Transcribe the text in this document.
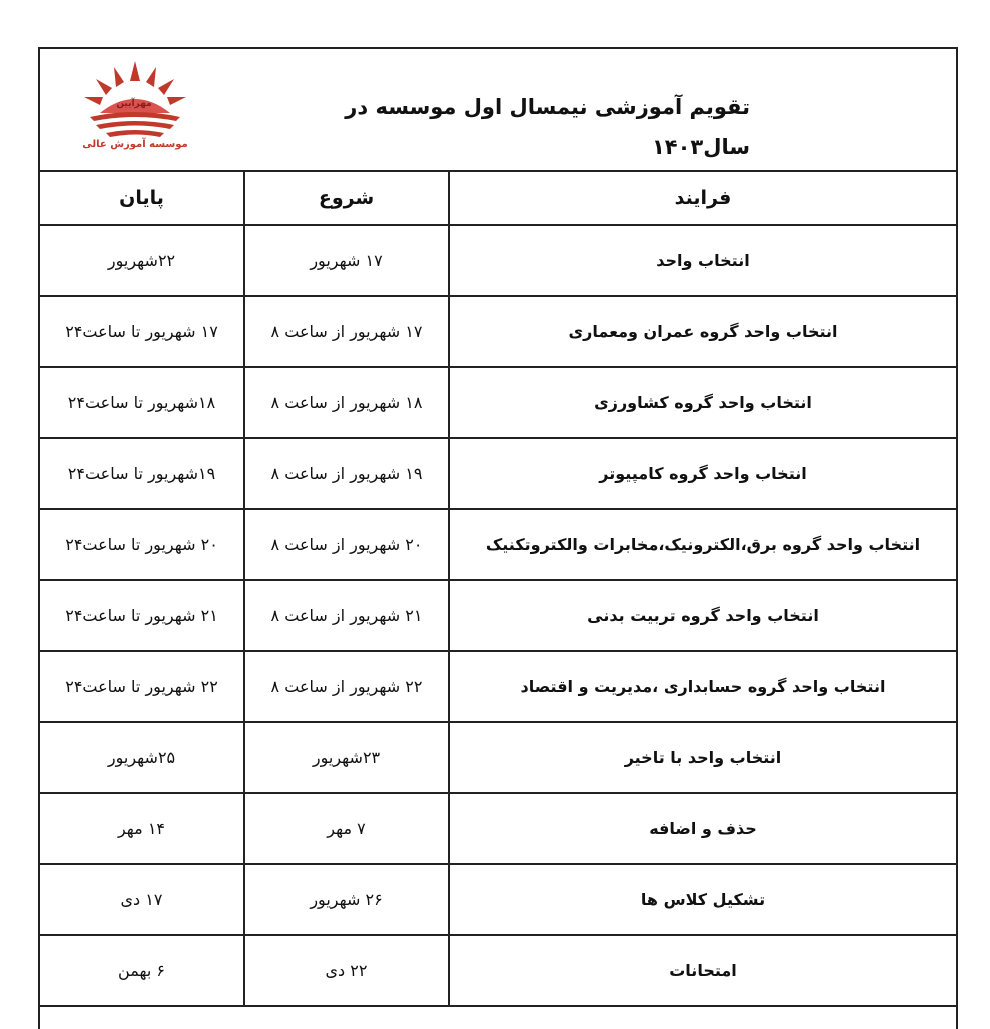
مهرآیین
موسسه آموزش عالی
تقویم آموزشی نیمسال اول موسسه در سال۱۴۰۳
پایان	شروع	فرایند
۲۲شهریور	۱۷ شهریور	انتخاب واحد
۱۷ شهریور تا ساعت۲۴	۱۷ شهریور از ساعت ۸	انتخاب واحد گروه عمران ومعماری
۱۸شهریور تا ساعت۲۴	۱۸ شهریور از ساعت ۸	انتخاب واحد گروه کشاورزی
۱۹شهریور تا ساعت۲۴	۱۹ شهریور از ساعت ۸	انتخاب واحد گروه کامپیوتر
۲۰ شهریور تا ساعت۲۴	۲۰ شهریور از ساعت ۸	انتخاب واحد گروه برق،الکترونیک،مخابرات والکتروتکنیک
۲۱ شهریور تا ساعت۲۴	۲۱ شهریور از ساعت ۸	انتخاب واحد گروه تربیت بدنی
۲۲ شهریور تا ساعت۲۴	۲۲ شهریور از ساعت ۸	انتخاب واحد گروه حسابداری ،مدیریت و اقتصاد
۲۵شهریور	۲۳شهریور	انتخاب واحد با تاخیر
۱۴ مهر	۷ مهر	حذف و اضافه
۱۷ دی	۲۶ شهریور	تشکیل کلاس ها
۶ بهمن	۲۲ دی	امتحانات
